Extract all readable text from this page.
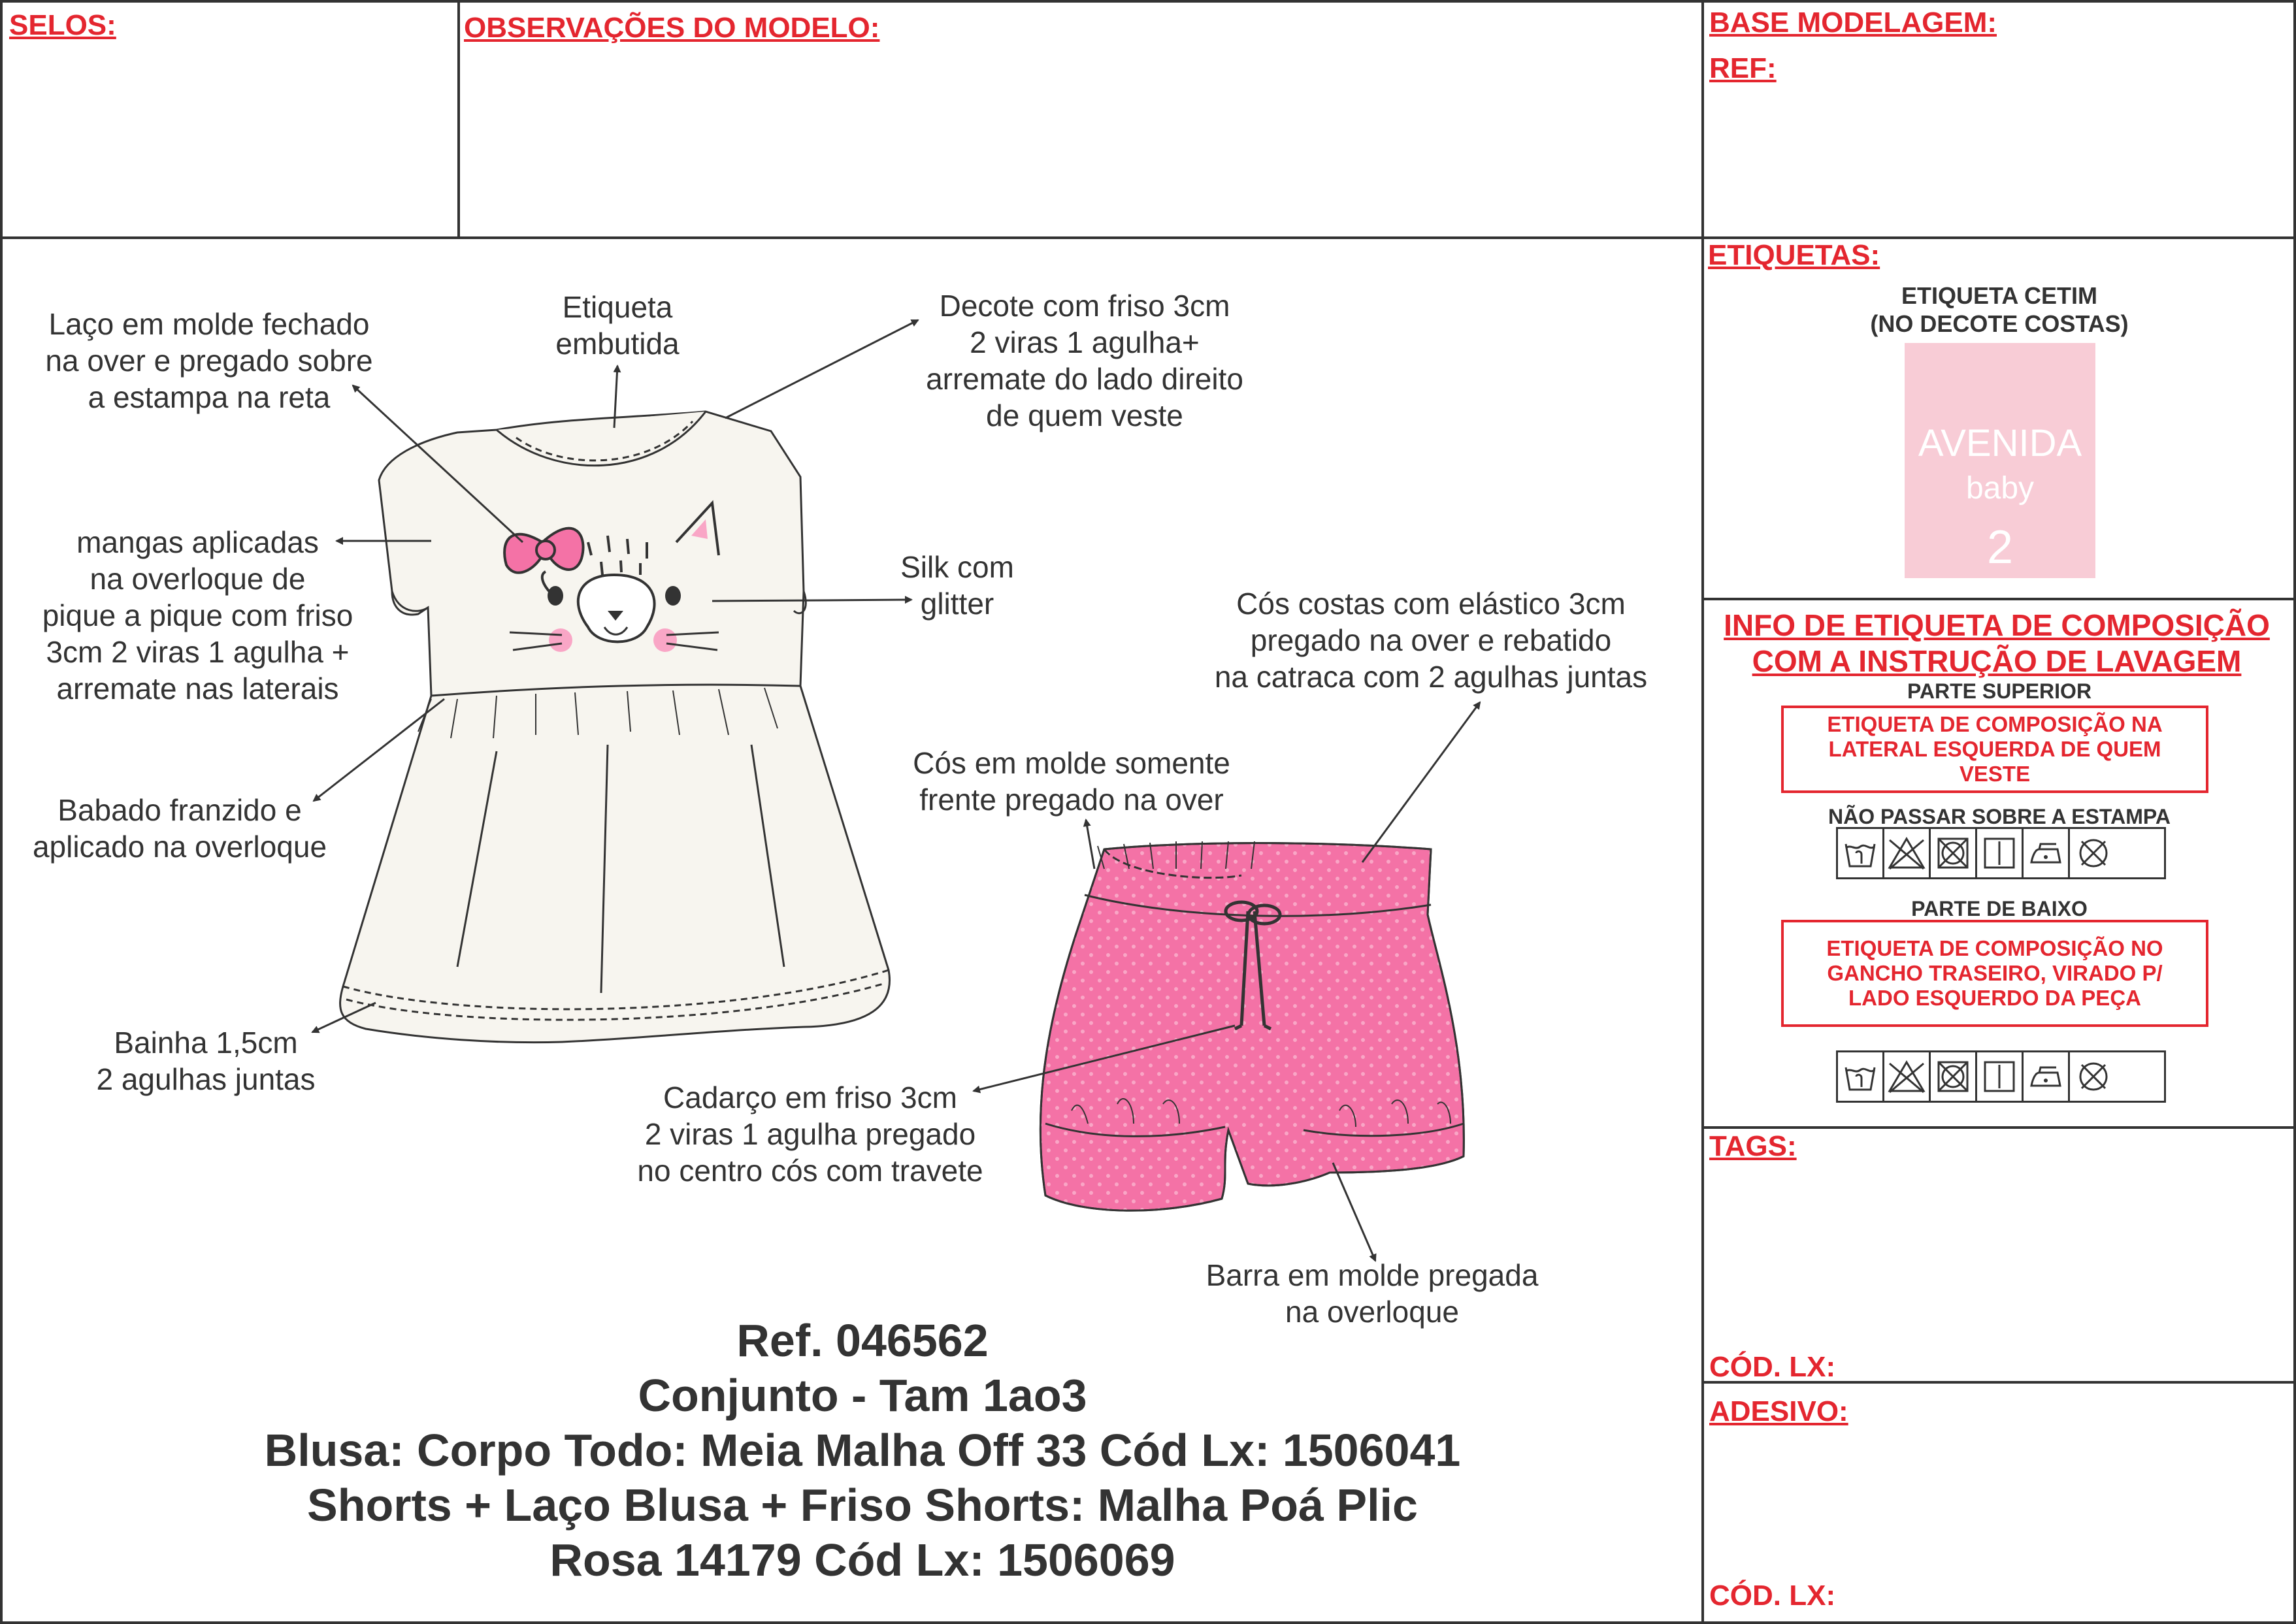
SELOS:	OBSERVAÇÕES DO MODELO:	BASE MODELAGEM:
REF:
ETIQUETAS:
ETIQUETA CETIM
(NO DECOTE COSTAS)
AVENIDA
baby
2
INFO DE ETIQUETA DE COMPOSIÇÃO
COM A INSTRUÇÃO DE LAVAGEM
PARTE SUPERIOR
ETIQUETA DE COMPOSIÇÃO NA LATERAL ESQUERDA DE QUEM VESTE
NÃO PASSAR SOBRE A ESTAMPA
PARTE DE BAIXO
ETIQUETA DE COMPOSIÇÃO NO GANCHO TRASEIRO, VIRADO P/ LADO ESQUERDO DA PEÇA
TAGS:
CÓD. LX:
ADESIVO:
CÓD. LX:
Laço em molde fechado
na over e pregado sobre
a estampa na reta
Etiqueta
embutida
Decote com friso 3cm
2 viras 1 agulha+
arremate do lado direito
de quem veste
mangas aplicadas
na overloque de
pique a pique com friso
3cm 2 viras 1 agulha +
arremate nas laterais
Silk com
glitter
Babado franzido e
aplicado na overloque
Bainha 1,5cm
2 agulhas juntas
Cós costas com elástico 3cm
pregado na over e rebatido
na catraca com 2 agulhas juntas
Cós em molde somente
frente pregado na over
Cadarço em friso 3cm
2 viras 1 agulha pregado
no centro cós com travete
Barra em molde pregada
na overloque
Ref. 046562
Conjunto - Tam 1ao3
Blusa: Corpo Todo: Meia Malha Off 33 Cód Lx: 1506041
Shorts + Laço Blusa + Friso Shorts: Malha Poá Plic
Rosa 14179 Cód Lx: 1506069
